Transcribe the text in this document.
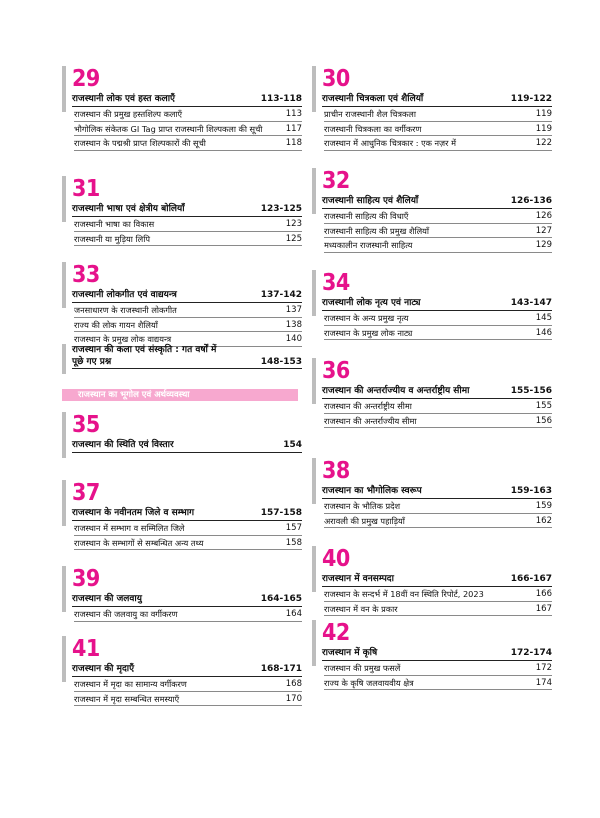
29
राजस्थानी लोक एवं हस्त कलाएँ	113-118
राजस्थान की प्रमुख हस्तशिल्प कलाएँ	113
भौगोलिक संकेतक GI Tag प्राप्त राजस्थानी शिल्पकला की सूची	117
राजस्थान के पद्मश्री प्राप्त शिल्पकारों की सूची	118
31
राजस्थानी भाषा एवं क्षेत्रीय बोलियाँ	123-125
राजस्थानी भाषा का विकास	123
राजस्थानी या मुड़िया लिपि	125
33
राजस्थानी लोकगीत एवं वाद्ययन्त्र	137-142
जनसाधारण के राजस्थानी लोकगीत	137
राज्य की लोक गायन शैलियाँ	138
राजस्थान के प्रमुख लोक वाद्ययन्त्र	140
35
राजस्थान की स्थिति एवं विस्तार	154
37
राजस्थान के नवीनतम जिले व सम्भाग	157-158
राजस्थान में सम्भाग व सम्मिलित जिले	157
राजस्थान के सम्भागों से सम्बन्धित अन्य तथ्य	158
39
राजस्थान की जलवायु	164-165
राजस्थान की जलवायु का वर्गीकरण	164
41
राजस्थान की मृदाएँ	168-171
राजस्थान में मृदा का सामान्य वर्गीकरण	168
राजस्थान में मृदा सम्बन्धित समस्याएँ	170
30
राजस्थानी चित्रकला एवं शैलियाँ	119-122
प्राचीन राजस्थानी शैल चित्रकला	119
राजस्थानी चित्रकला का वर्गीकरण	119
राजस्थान में आधुनिक चित्रकार : एक नज़र में	122
32
राजस्थानी साहित्य एवं शैलियाँ	126-136
राजस्थानी साहित्य की विधाएँ	126
राजस्थानी साहित्य की प्रमुख शैलियाँ	127
मध्यकालीन राजस्थानी साहित्य	129
34
राजस्थानी लोक नृत्य एवं नाट्य	143-147
राजस्थान के अन्य प्रमुख नृत्य	145
राजस्थान के प्रमुख लोक नाट्य	146
36
राजस्थान की अन्तर्राज्यीय व अन्तर्राष्ट्रीय सीमा	155-156
राजस्थान की अन्तर्राष्ट्रीय सीमा	155
राजस्थान की अन्तर्राज्यीय सीमा	156
38
राजस्थान का भौगोलिक स्वरूप	159-163
राजस्थान के भौतिक प्रदेश	159
अरावली की प्रमुख पहाड़ियाँ	162
40
राजस्थान में वनसम्पदा	166-167
राजस्थान के सन्दर्भ में 18वीं वन स्थिति रिपोर्ट, 2023	166
राजस्थान में वन के प्रकार	167
42
राजस्थान में कृषि	172-174
राजस्थान की प्रमुख फसलें	172
राज्य के कृषि जलवायवीय क्षेत्र	174
राजस्थान की कला एवं संस्कृति : गत वर्षों में
पूछे गए प्रश्न	148-153
राजस्थान का भूगोल एवं अर्थव्यवस्था
